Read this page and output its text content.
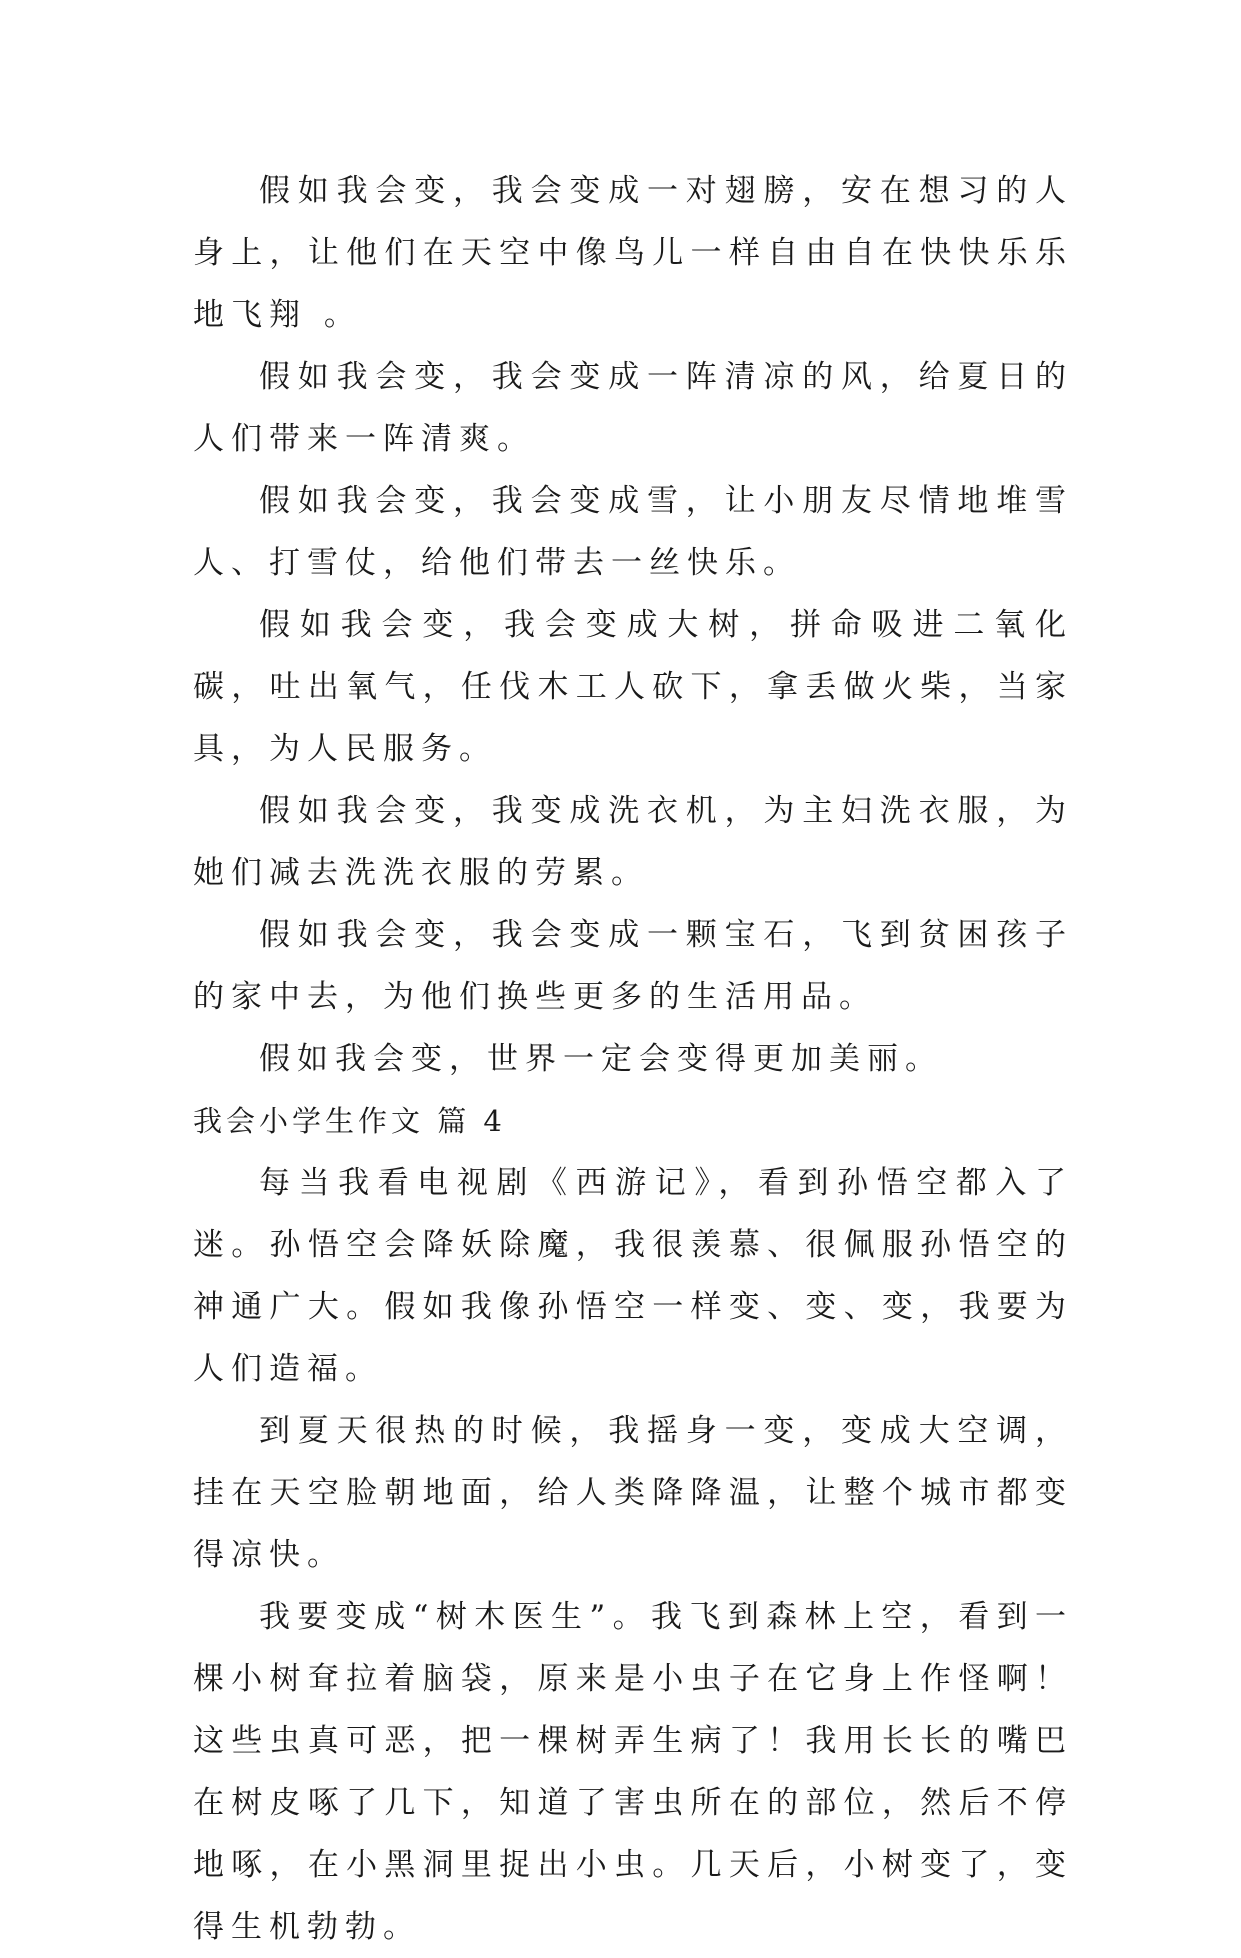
假如我会变，我会变成一对翅膀，安在想习的人身上，让他们在天空中像鸟儿一样自由自在快快乐乐地飞翔 。

假如我会变，我会变成一阵清凉的风，给夏日的人们带来一阵清爽。

假如我会变，我会变成雪，让小朋友尽情地堆雪人、打雪仗，给他们带去一丝快乐。

假如我会变，我会变成大树，拼命吸进二氧化碳，吐出氧气，任伐木工人砍下，拿丢做火柴，当家具，为人民服务。

假如我会变，我变成洗衣机，为主妇洗衣服，为她们减去洗洗衣服的劳累。

假如我会变，我会变成一颗宝石，飞到贫困孩子的家中去，为他们换些更多的生活用品。

假如我会变，世界一定会变得更加美丽。

我会小学生作文 篇 4

每当我看电视剧《西游记》，看到孙悟空都入了迷。孙悟空会降妖除魔，我很羡慕、很佩服孙悟空的神通广大。假如我像孙悟空一样变、变、变，我要为人们造福。

到夏天很热的时候，我摇身一变，变成大空调，挂在天空脸朝地面，给人类降降温，让整个城市都变得凉快。

我要变成“树木医生”。我飞到森林上空，看到一棵小树耷拉着脑袋，原来是小虫子在它身上作怪啊！这些虫真可恶，把一棵树弄生病了！我用长长的嘴巴在树皮啄了几下，知道了害虫所在的部位，然后不停地啄，在小黑洞里捉出小虫。几天后，小树变了，变得生机勃勃。
